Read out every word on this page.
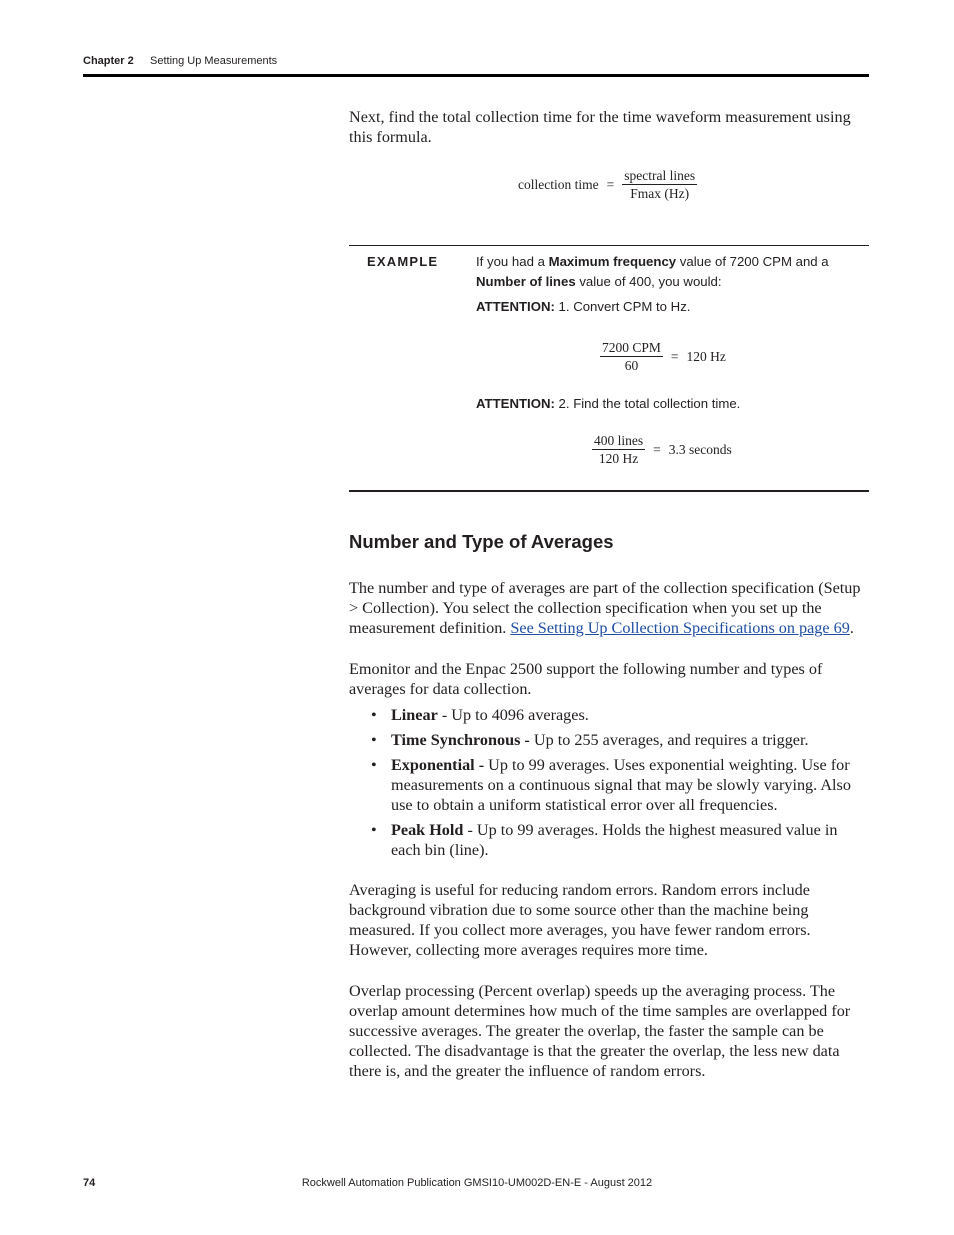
Chapter 2 Setting Up Measurements

Next, find the total collection time for the time waveform measurement using this formula.

collection time = $\frac{\text{spectral lines}}{Fmax (Hz)}$
EXAMPLE	If you had a Maximum frequency value of 7200 CPM and a Number of lines value of 400, you would:

ATTENTION: 1. Convert CPM to Hz.

$\frac{\text{7200 CPM}}{60} = 120$ Hz

ATTENTION: 2. Find the total collection time.

$\frac{\text{400 lines}}{120 Hz} = 3.3$ seconds
Number and Type of Averages

The number and type of averages are part of the collection specification (Setup > Collection). You select the collection specification when you set up the measurement definition. See Setting Up Collection Specifications on page 69.

Emonitor and the Enpac 2500 support the following number and types of averages for data collection.

• Linear - Up to 4096 averages.
• Time Synchronous - Up to 255 averages, and requires a trigger.
• Exponential - Up to 99 averages. Uses exponential weighting. Use for measurements on a continuous signal that may be slowly varying. Also use to obtain a uniform statistical error over all frequencies.
• Peak Hold - Up to 99 averages. Holds the highest measured value in each bin (line).

Averaging is useful for reducing random errors. Random errors include background vibration due to some source other than the machine being measured. If you collect more averages, you have fewer random errors. However, collecting more averages requires more time.

Overlap processing (Percent overlap) speeds up the averaging process. The overlap amount determines how much of the time samples are overlapped for successive averages. The greater the overlap, the faster the sample can be collected. The disadvantage is that the greater the overlap, the less new data there is, and the greater the influence of random errors.

74	Rockwell Automation Publication GMSI10-UM002D-EN-E - August 2012
